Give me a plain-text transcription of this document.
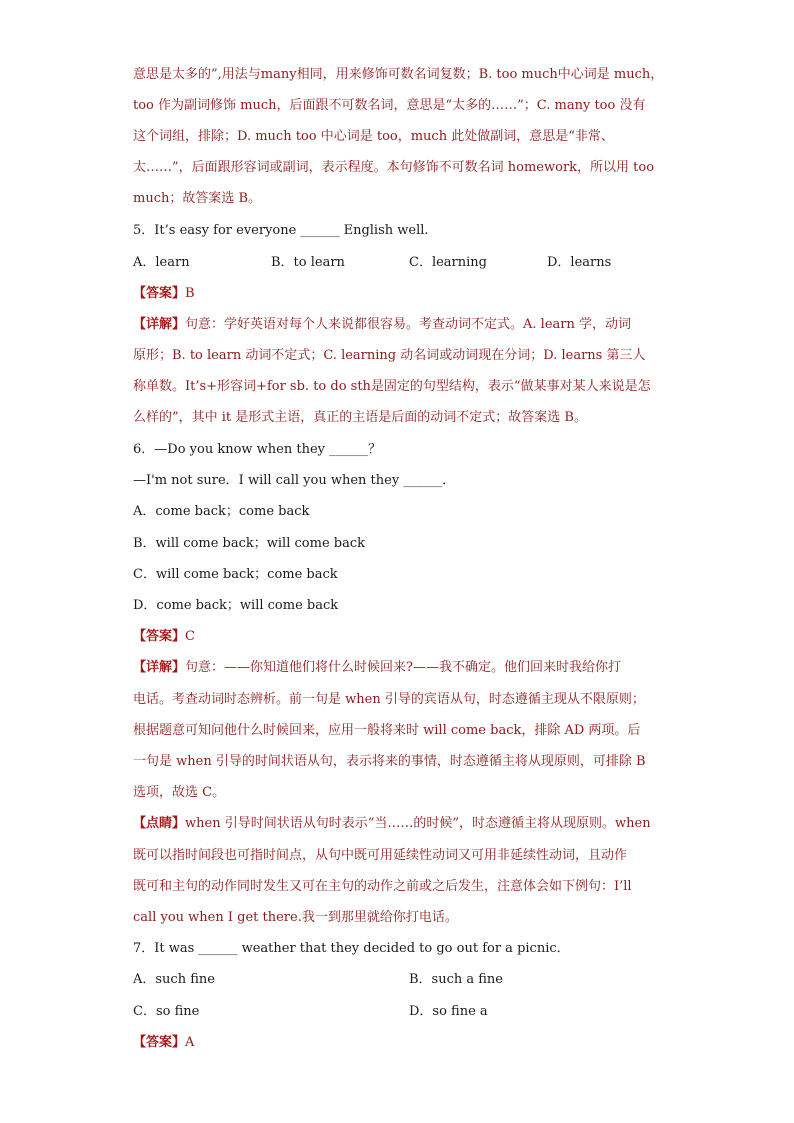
意思是太多的”,用法与many相同，用来修饰可数名词复数；B. too much中心词是 much，
too 作为副词修饰 much，后面跟不可数名词，意思是“太多的……”；C. many too 没有
这个词组，排除；D. much too 中心词是 too，much 此处做副词，意思是“非常、
太……”，后面跟形容词或副词，表示程度。本句修饰不可数名词 homework，所以用 too
much；故答案选 B。
5．It’s easy for everyone ______ English well.
A．learn	B．to learn	C．learning	D．learns
【答案】B
【详解】句意：学好英语对每个人来说都很容易。考查动词不定式。A. learn 学，动词
原形；B. to learn 动词不定式；C. learning 动名词或动词现在分词；D. learns 第三人
称单数。It’s+形容词+for sb. to do sth是固定的句型结构，表示“做某事对某人来说是怎
么样的”，其中 it 是形式主语，真正的主语是后面的动词不定式；故答案选 B。
6．—Do you know when they ______？
—I'm not sure．I will call you when they ______．
A．come back；come back
B．will come back；will come back
C．will come back；come back
D．come back；will come back
【答案】C
【详解】句意：——你知道他们将什么时候回来?——我不确定。他们回来时我给你打
电话。考查动词时态辨析。前一句是 when 引导的宾语从句，时态遵循主现从不限原则；
根据题意可知问他什么时候回来，应用一般将来时 will come back，排除 AD 两项。后
一句是 when 引导的时间状语从句，表示将来的事情，时态遵循主将从现原则，可排除 B
选项，故选 C。
【点睛】when 引导时间状语从句时表示“当……的时候”，时态遵循主将从现原则。when
既可以指时间段也可指时间点，从句中既可用延续性动词又可用非延续性动词，且动作
既可和主句的动作同时发生又可在主句的动作之前或之后发生，注意体会如下例句：I’ll
call you when I get there.我一到那里就给你打电话。
7．It was ______ weather that they decided to go out for a picnic．
A．such fine	B．such a fine
C．so fine	D．so fine a
【答案】A
